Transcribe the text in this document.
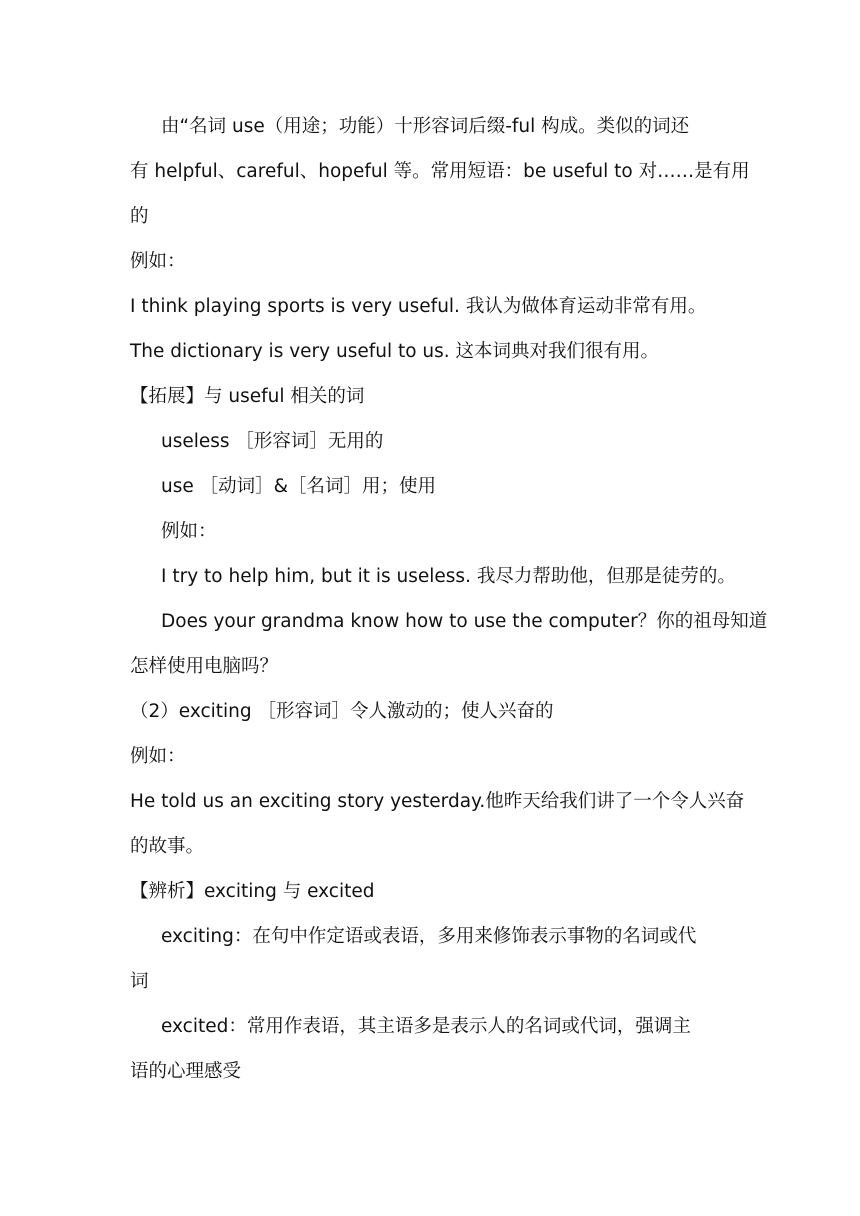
由“名词 use（用途；功能）十形容词后缀-ful 构成。类似的词还
有 helpful、careful、hopeful 等。常用短语：be useful to 对……是有用
的
例如：
I think playing sports is very useful. 我认为做体育运动非常有用。
The dictionary is very useful to us. 这本词典对我们很有用。
【拓展】与 useful 相关的词
useless ［形容词］无用的
use ［动词］&［名词］用；使用
例如：
I try to help him, but it is useless. 我尽力帮助他，但那是徒劳的。
Does your grandma know how to use the computer？你的祖母知道
怎样使用电脑吗？
（2）exciting ［形容词］令人激动的；使人兴奋的
例如：
He told us an exciting story yesterday.他昨天给我们讲了一个令人兴奋
的故事。
【辨析】exciting 与 excited
exciting：在句中作定语或表语，多用来修饰表示事物的名词或代
词
excited：常用作表语，其主语多是表示人的名词或代词，强调主
语的心理感受
